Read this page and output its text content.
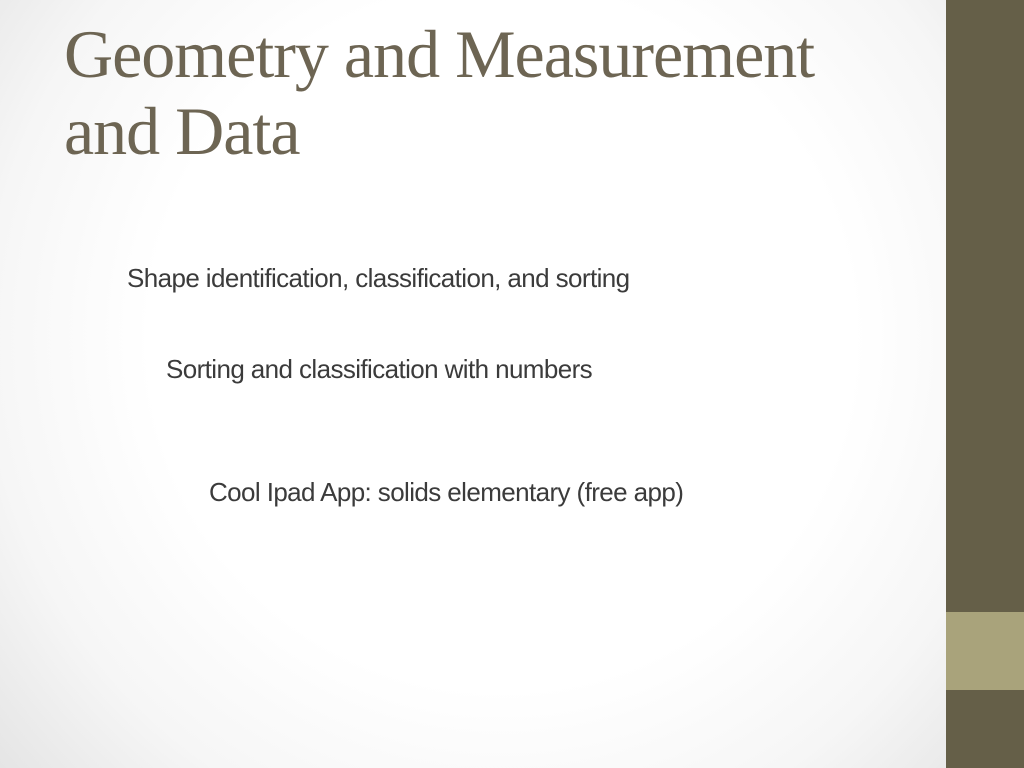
Geometry and Measurement
and Data
Shape identification, classification, and sorting
Sorting and classification with numbers
Cool Ipad App: solids elementary (free app)
